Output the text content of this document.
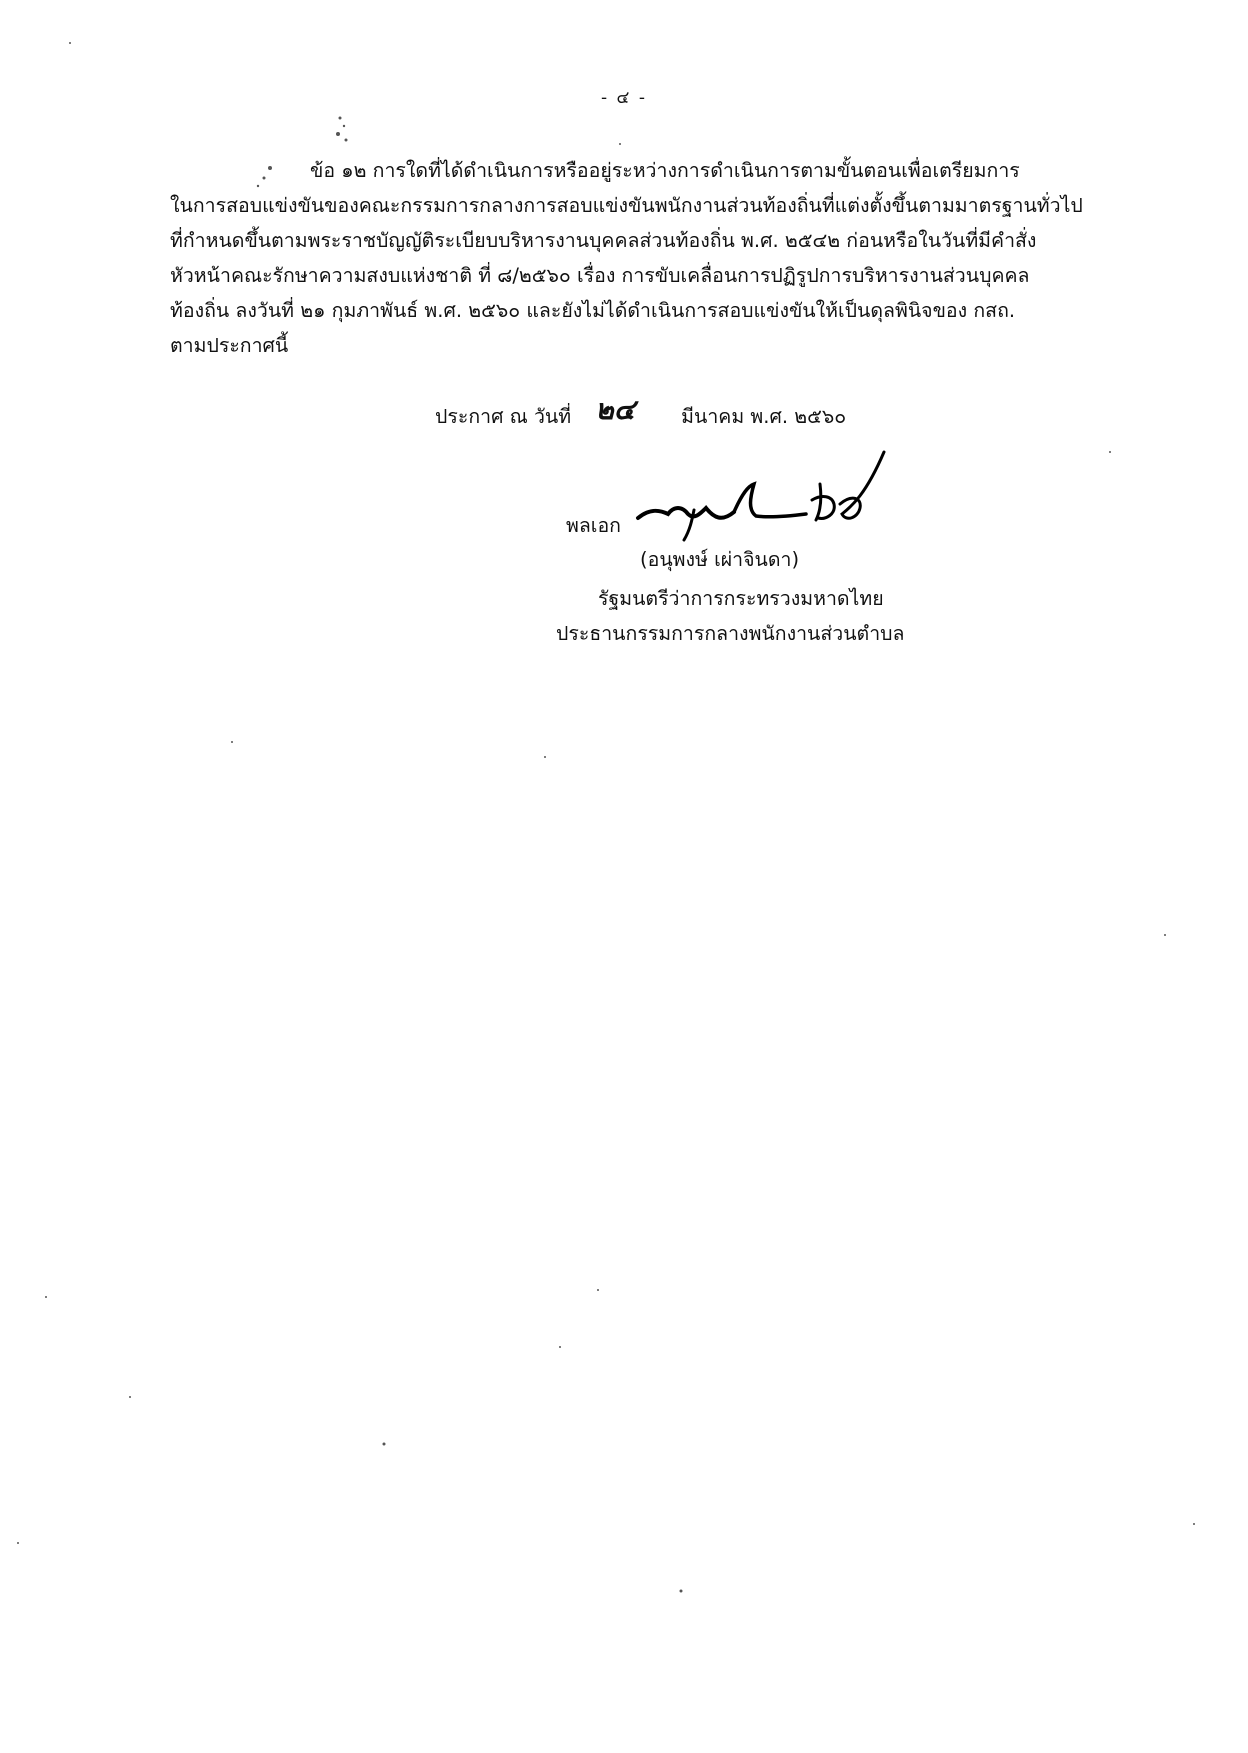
- ๔ -
ข้อ ๑๒ การใดที่ได้ดำเนินการหรืออยู่ระหว่างการดำเนินการตามขั้นตอนเพื่อเตรียมการ
ในการสอบแข่งขันของคณะกรรมการกลางการสอบแข่งขันพนักงานส่วนท้องถิ่นที่แต่งตั้งขึ้นตามมาตรฐานทั่วไป
ที่กำหนดขึ้นตามพระราชบัญญัติระเบียบบริหารงานบุคคลส่วนท้องถิ่น พ.ศ. ๒๕๔๒ ก่อนหรือในวันที่มีคำสั่ง
หัวหน้าคณะรักษาความสงบแห่งชาติ ที่ ๘/๒๕๖๐ เรื่อง การขับเคลื่อนการปฏิรูปการบริหารงานส่วนบุคคล
ท้องถิ่น ลงวันที่ ๒๑ กุมภาพันธ์ พ.ศ. ๒๕๖๐ และยังไม่ได้ดำเนินการสอบแข่งขันให้เป็นดุลพินิจของ กสถ.
ตามประกาศนี้
ประกาศ ณ วันที่ ๒๔ มีนาคม พ.ศ. ๒๕๖๐
พลเอก
(อนุพงษ์ เผ่าจินดา)
รัฐมนตรีว่าการกระทรวงมหาดไทย
ประธานกรรมการกลางพนักงานส่วนตำบล
